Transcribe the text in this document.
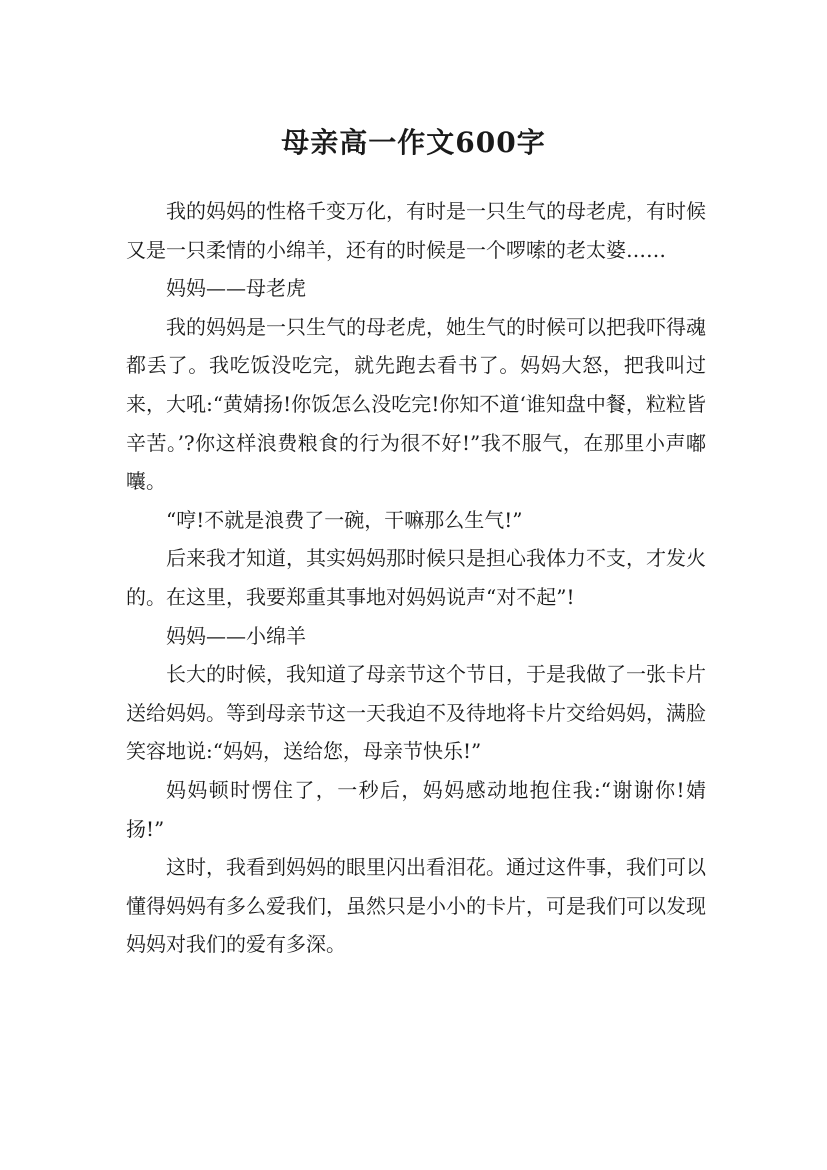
母亲高一作文600字

我的妈妈的性格千变万化，有时是一只生气的母老虎，有时候又是一只柔情的小绵羊，还有的时候是一个啰嗦的老太婆……

妈妈——母老虎

我的妈妈是一只生气的母老虎，她生气的时候可以把我吓得魂都丢了。我吃饭没吃完，就先跑去看书了。妈妈大怒，把我叫过来，大吼:“黄婧扬!你饭怎么没吃完!你知不道‘谁知盘中餐，粒粒皆辛苦。’?你这样浪费粮食的行为很不好!”我不服气，在那里小声嘟囔。

“哼!不就是浪费了一碗，干嘛那么生气!”

后来我才知道，其实妈妈那时候只是担心我体力不支，才发火的。在这里，我要郑重其事地对妈妈说声“对不起”!

妈妈——小绵羊

长大的时候，我知道了母亲节这个节日，于是我做了一张卡片送给妈妈。等到母亲节这一天我迫不及待地将卡片交给妈妈，满脸笑容地说:“妈妈，送给您，母亲节快乐!”

妈妈顿时愣住了，一秒后，妈妈感动地抱住我:“谢谢你!婧扬!”

这时，我看到妈妈的眼里闪出看泪花。通过这件事，我们可以懂得妈妈有多么爱我们，虽然只是小小的卡片，可是我们可以发现妈妈对我们的爱有多深。
